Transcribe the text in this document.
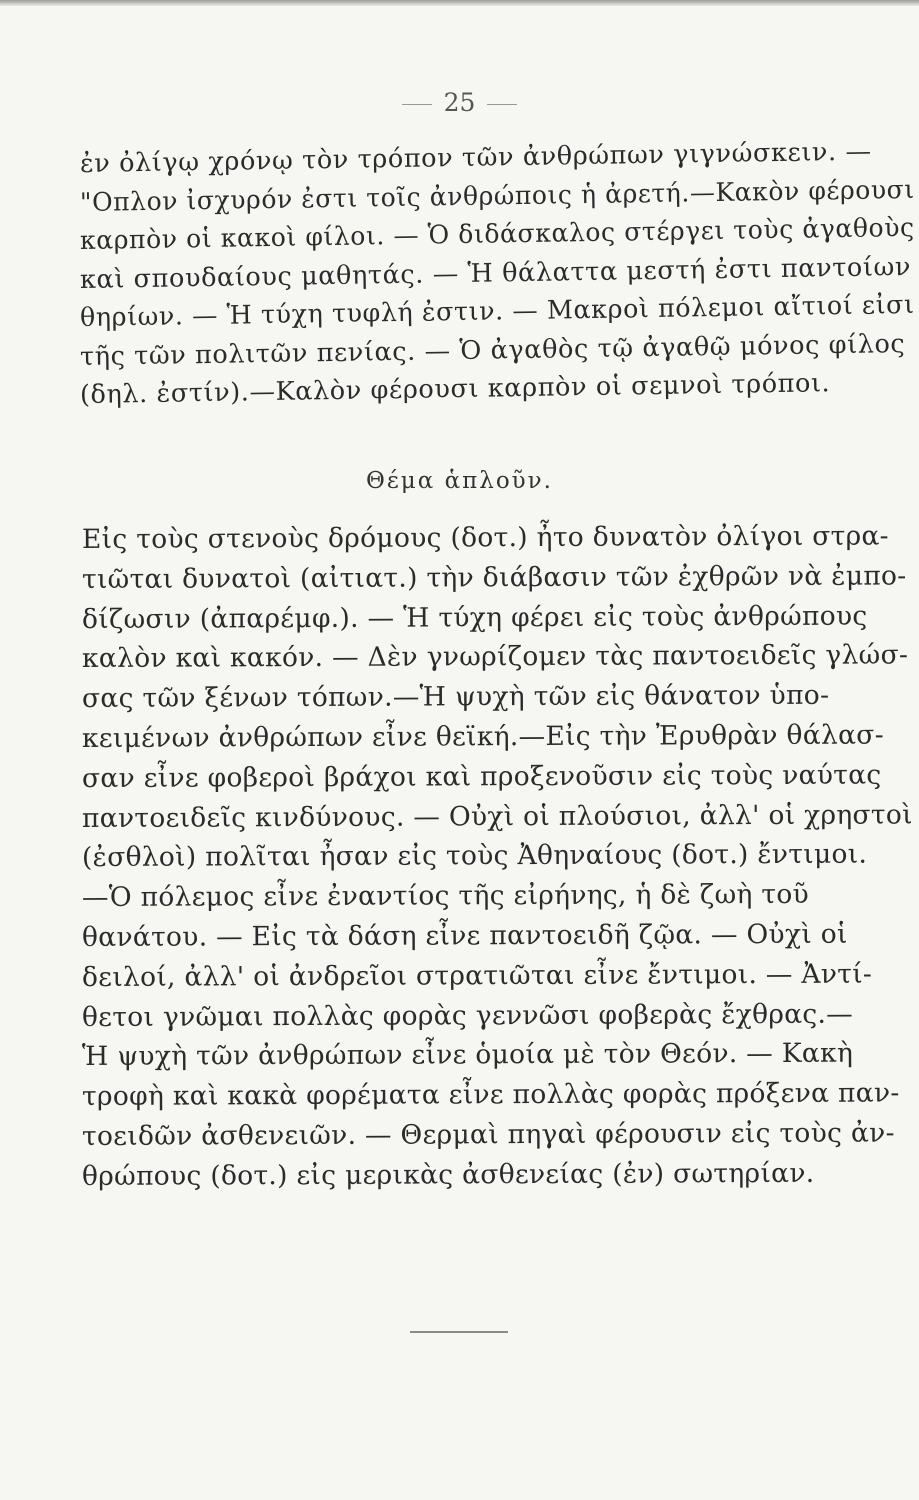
25
ἐν ὀλίγῳ χρόνῳ τὸν τρόπον τῶν ἀνθρώπων γιγνώσκειν. —
"Οπλον ἰσχυρόν ἐστι τοῖς ἀνθρώποις ἡ ἀρετή.—Κακὸν φέρουσι
καρπὸν οἱ κακοὶ φίλοι. — Ὁ διδάσκαλος στέργει τοὺς ἀγαθοὺς
καὶ σπουδαίους μαθητάς. — Ἡ θάλαττα μεστή ἐστι παντοίων
θηρίων. — Ἡ τύχη τυφλή ἐστιν. — Μακροὶ πόλεμοι αἴτιοί εἰσι
τῆς τῶν πολιτῶν πενίας. — Ὁ ἀγαθὸς τῷ ἀγαθῷ μόνος φίλος
(δηλ. ἐστίν).—Καλὸν φέρουσι καρπὸν οἱ σεμνοὶ τρόποι.
Θέμα ἁπλοῦν.
Εἰς τοὺς στενοὺς δρόμους (δοτ.) ἦτο δυνατὸν ὀλίγοι στρα-
τιῶται δυνατοὶ (αἰτιατ.) τὴν διάβασιν τῶν ἐχθρῶν νὰ ἐμπο-
δίζωσιν (ἀπαρέμφ.). — Ἡ τύχη φέρει εἰς τοὺς ἀνθρώπους
καλὸν καὶ κακόν. — Δὲν γνωρίζομεν τὰς παντοειδεῖς γλώσ-
σας τῶν ξένων τόπων.—Ἡ ψυχὴ τῶν εἰς θάνατον ὑπο-
κειμένων ἀνθρώπων εἶνε θεϊκή.—Εἰς τὴν Ἐρυθρὰν θάλασ-
σαν εἶνε φοβεροὶ βράχοι καὶ προξενοῦσιν εἰς τοὺς ναύτας
παντοειδεῖς κινδύνους. — Οὐχὶ οἱ πλούσιοι, ἀλλ' οἱ χρηστοὶ
(ἐσθλοὶ) πολῖται ἦσαν εἰς τοὺς Ἀθηναίους (δοτ.) ἔντιμοι.
—Ὁ πόλεμος εἶνε ἐναντίος τῆς εἰρήνης, ἡ δὲ ζωὴ τοῦ
θανάτου. — Εἰς τὰ δάση εἶνε παντοειδῆ ζῷα. — Οὐχὶ οἱ
δειλοί, ἀλλ' οἱ ἀνδρεῖοι στρατιῶται εἶνε ἔντιμοι. — Ἀντί-
θετοι γνῶμαι πολλὰς φορὰς γεννῶσι φοβερὰς ἔχθρας.—
Ἡ ψυχὴ τῶν ἀνθρώπων εἶνε ὁμοία μὲ τὸν Θεόν. — Κακὴ
τροφὴ καὶ κακὰ φορέματα εἶνε πολλὰς φορὰς πρόξενα παν-
τοειδῶν ἀσθενειῶν. — Θερμαὶ πηγαὶ φέρουσιν εἰς τοὺς ἀν-
θρώπους (δοτ.) εἰς μερικὰς ἀσθενείας (ἐν) σωτηρίαν.
